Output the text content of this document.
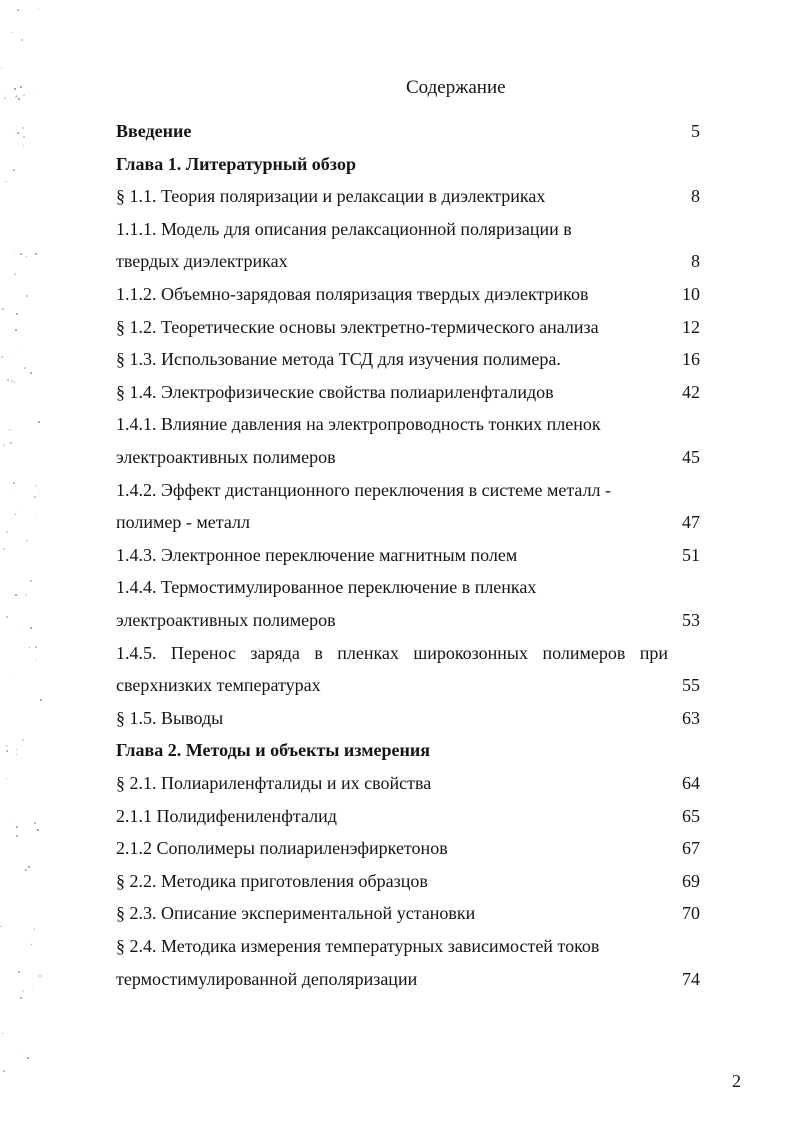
Содержание
Введение	5
Глава 1. Литературный обзор
§ 1.1. Теория поляризации и релаксации в диэлектриках	8
1.1.1. Модель для описания релаксационной поляризации в
твердых диэлектриках	8
1.1.2. Объемно-зарядовая поляризация твердых диэлектриков	10
§ 1.2. Теоретические основы электретно-термического анализа	12
§ 1.3. Использование метода ТСД для изучения полимера.	16
§ 1.4. Электрофизические свойства полиариленфталидов	42
1.4.1. Влияние давления на электропроводность тонких пленок
электроактивных полимеров	45
1.4.2. Эффект дистанционного переключения в системе металл -
полимер - металл	47
1.4.3. Электронное переключение магнитным полем	51
1.4.4. Термостимулированное переключение в пленках
электроактивных полимеров	53
1.4.5. Перенос заряда в пленках широкозонных полимеров при
сверхнизких температурах	55
§ 1.5. Выводы	63
Глава 2. Методы и объекты измерения
§ 2.1. Полиариленфталиды и их свойства	64
2.1.1 Полидифениленфталид	65
2.1.2 Сополимеры полиариленэфиркетонов	67
§ 2.2. Методика приготовления образцов	69
§ 2.3. Описание экспериментальной установки	70
§ 2.4. Методика измерения температурных зависимостей токов
термостимулированной деполяризации	74
2
